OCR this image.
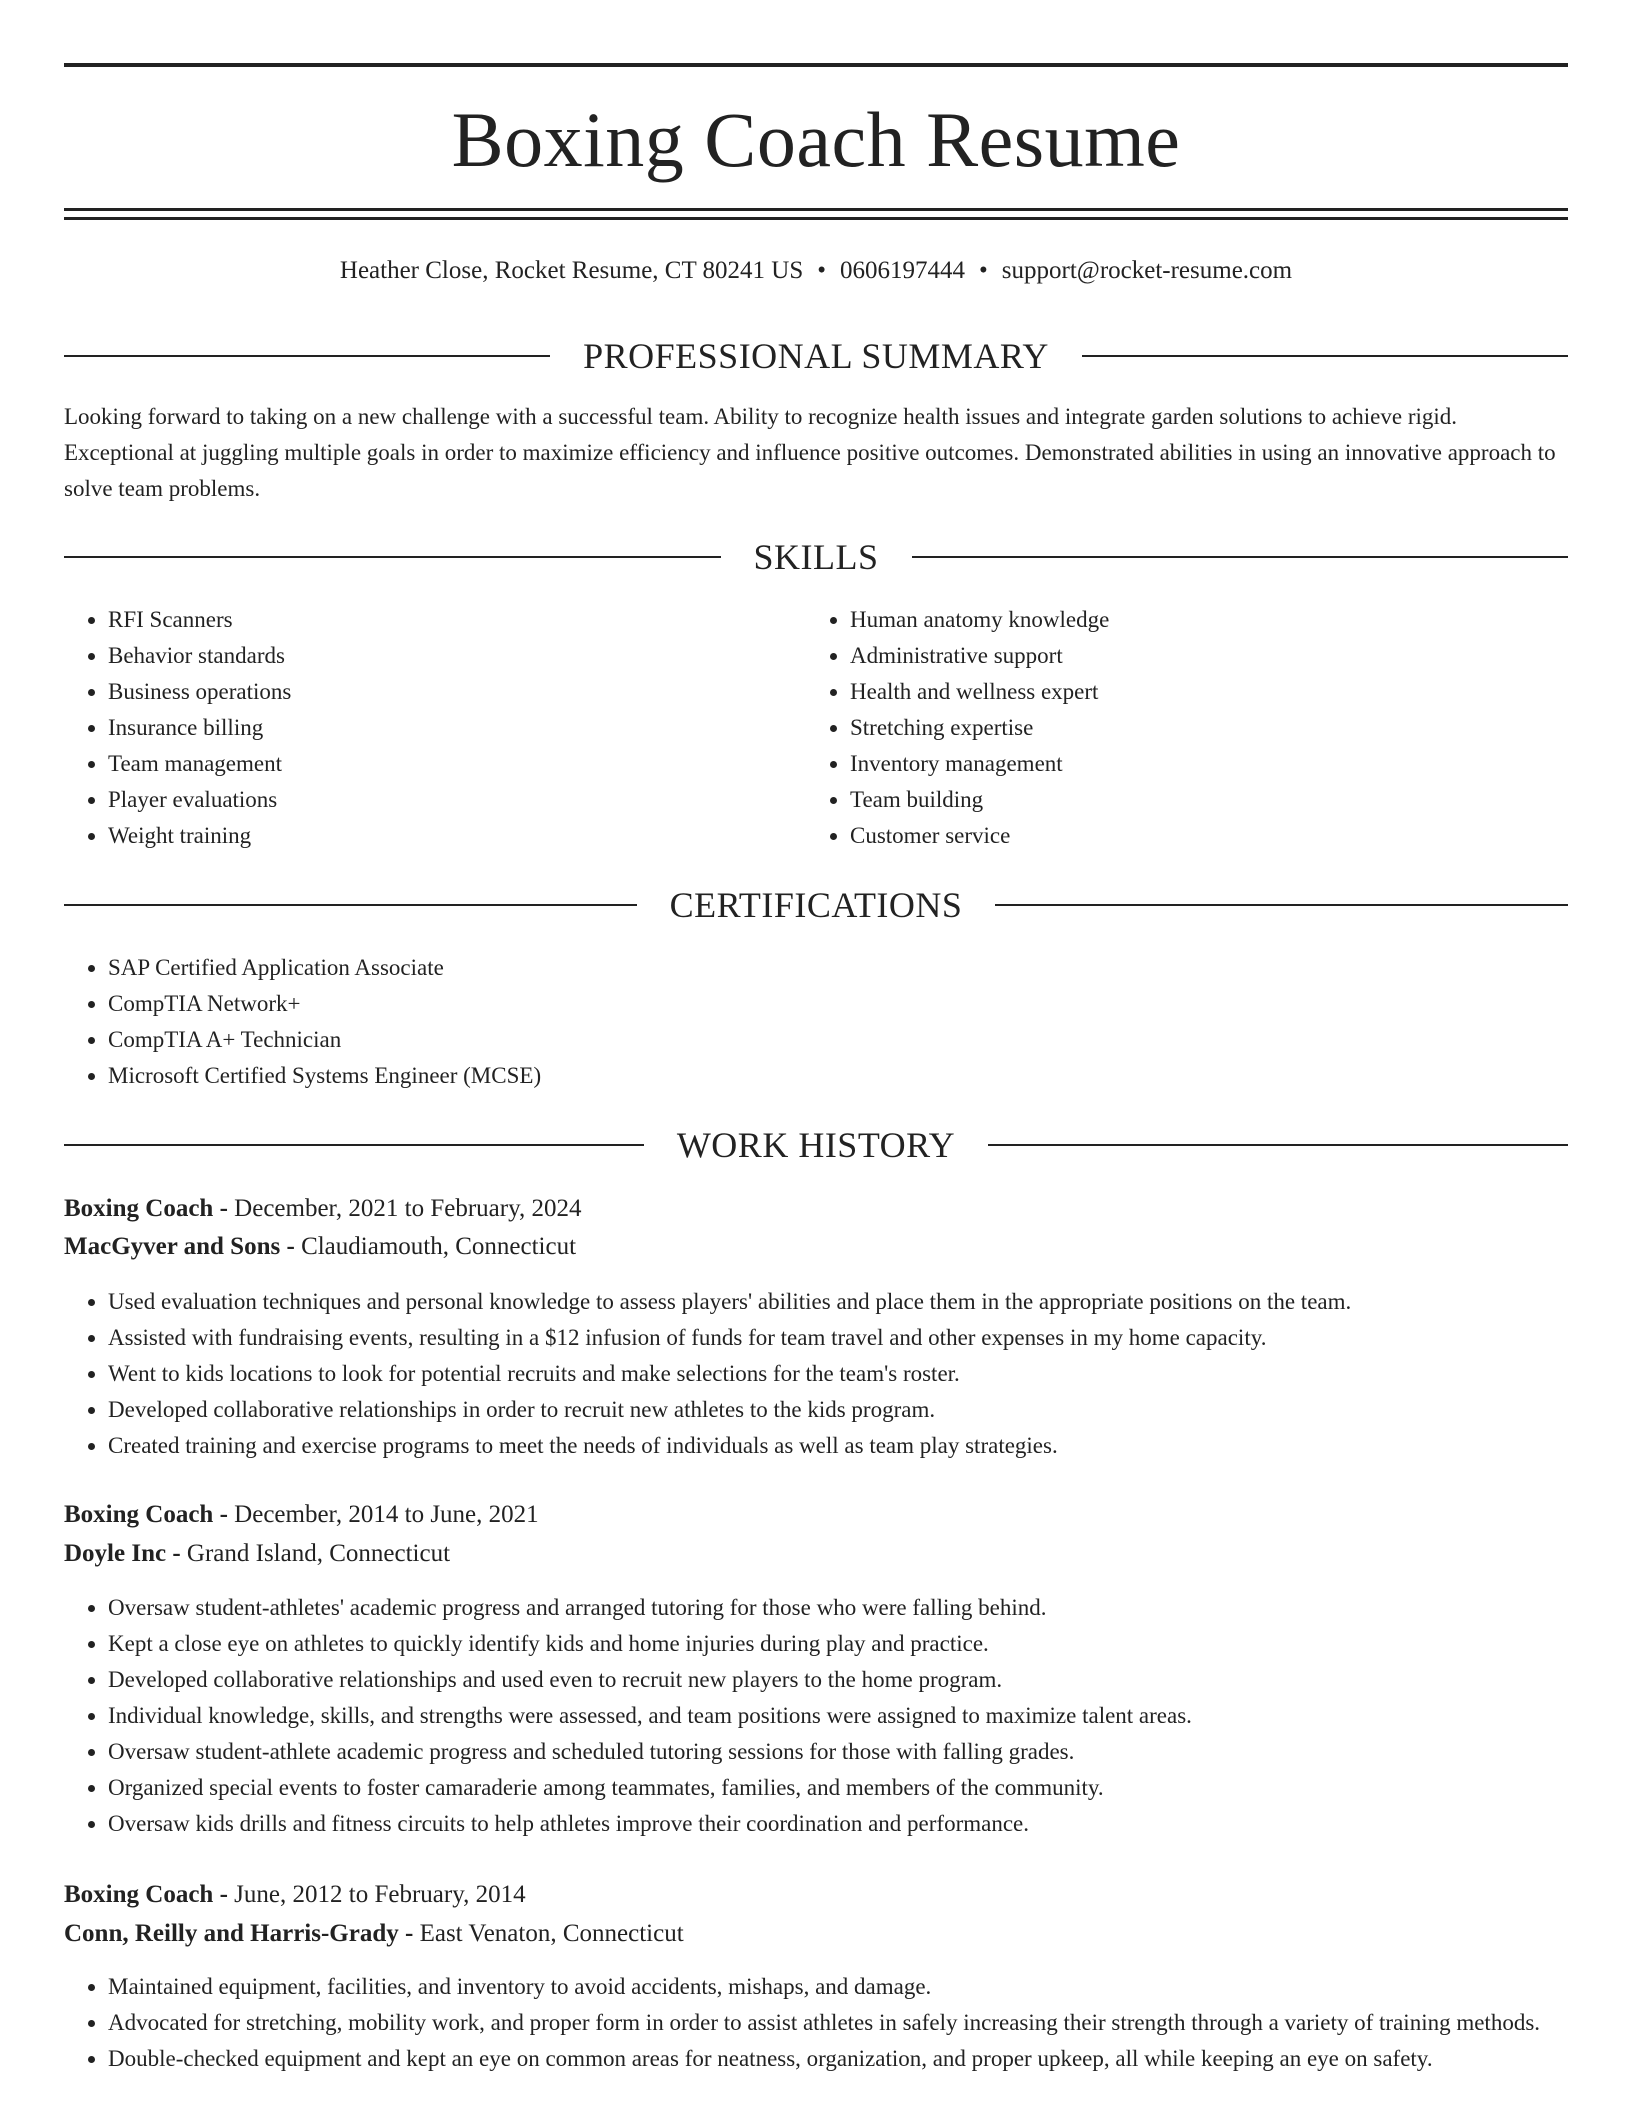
Boxing Coach Resume
Heather Close, Rocket Resume, CT 80241 US • 0606197444 • support@rocket-resume.com
PROFESSIONAL SUMMARY

Looking forward to taking on a new challenge with a successful team. Ability to recognize health issues and integrate garden solutions to achieve rigid. Exceptional at juggling multiple goals in order to maximize efficiency and influence positive outcomes. Demonstrated abilities in using an innovative approach to solve team problems.

SKILLS
• RFI Scanners
• Behavior standards
• Business operations
• Insurance billing
• Team management
• Player evaluations
• Weight training
• Human anatomy knowledge
• Administrative support
• Health and wellness expert
• Stretching expertise
• Inventory management
• Team building
• Customer service
CERTIFICATIONS
• SAP Certified Application Associate
• CompTIA Network+
• CompTIA A+ Technician
• Microsoft Certified Systems Engineer (MCSE)
WORK HISTORY
Boxing Coach - December, 2021 to February, 2024
MacGyver and Sons - Claudiamouth, Connecticut
• Used evaluation techniques and personal knowledge to assess players' abilities and place them in the appropriate positions on the team.
• Assisted with fundraising events, resulting in a $12 infusion of funds for team travel and other expenses in my home capacity.
• Went to kids locations to look for potential recruits and make selections for the team's roster.
• Developed collaborative relationships in order to recruit new athletes to the kids program.
• Created training and exercise programs to meet the needs of individuals as well as team play strategies.
Boxing Coach - December, 2014 to June, 2021
Doyle Inc - Grand Island, Connecticut
• Oversaw student-athletes' academic progress and arranged tutoring for those who were falling behind.
• Kept a close eye on athletes to quickly identify kids and home injuries during play and practice.
• Developed collaborative relationships and used even to recruit new players to the home program.
• Individual knowledge, skills, and strengths were assessed, and team positions were assigned to maximize talent areas.
• Oversaw student-athlete academic progress and scheduled tutoring sessions for those with falling grades.
• Organized special events to foster camaraderie among teammates, families, and members of the community.
• Oversaw kids drills and fitness circuits to help athletes improve their coordination and performance.
Boxing Coach - June, 2012 to February, 2014
Conn, Reilly and Harris-Grady - East Venaton, Connecticut
• Maintained equipment, facilities, and inventory to avoid accidents, mishaps, and damage.
• Advocated for stretching, mobility work, and proper form in order to assist athletes in safely increasing their strength through a variety of training methods.
• Double-checked equipment and kept an eye on common areas for neatness, organization, and proper upkeep, all while keeping an eye on safety.
